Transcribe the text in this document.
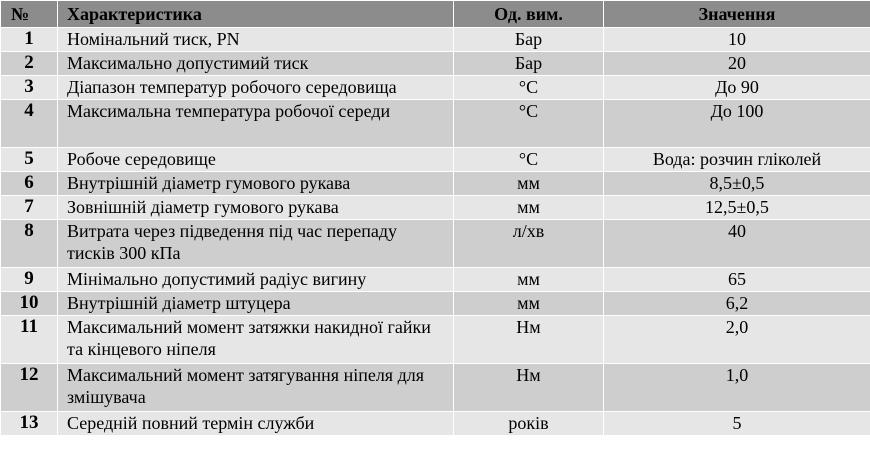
№	Характеристика	Од. вим.	Значення
1	Номінальний тиск, PN	Бар	10
2	Максимально допустимий тиск	Бар	20
3	Діапазон температур робочого середовища	°C	До 90
4	Максимальна температура робочої середи	°C	До 100
5	Робоче середовище	°C	Вода: розчин гліколей
6	Внутрішній діаметр гумового рукава	мм	8,5±0,5
7	Зовнішній діаметр гумового рукава	мм	12,5±0,5
8	Витрата через підведення під час перепаду тисків 300 кПа	л/хв	40
9	Мінімально допустимий радіус вигину	мм	65
10	Внутрішній діаметр штуцера	мм	6,2
11	Максимальний момент затяжки накидної гайки та кінцевого ніпеля	Нм	2,0
12	Максимальний момент затягування ніпеля для змішувача	Нм	1,0
13	Середній повний термін служби	років	5
